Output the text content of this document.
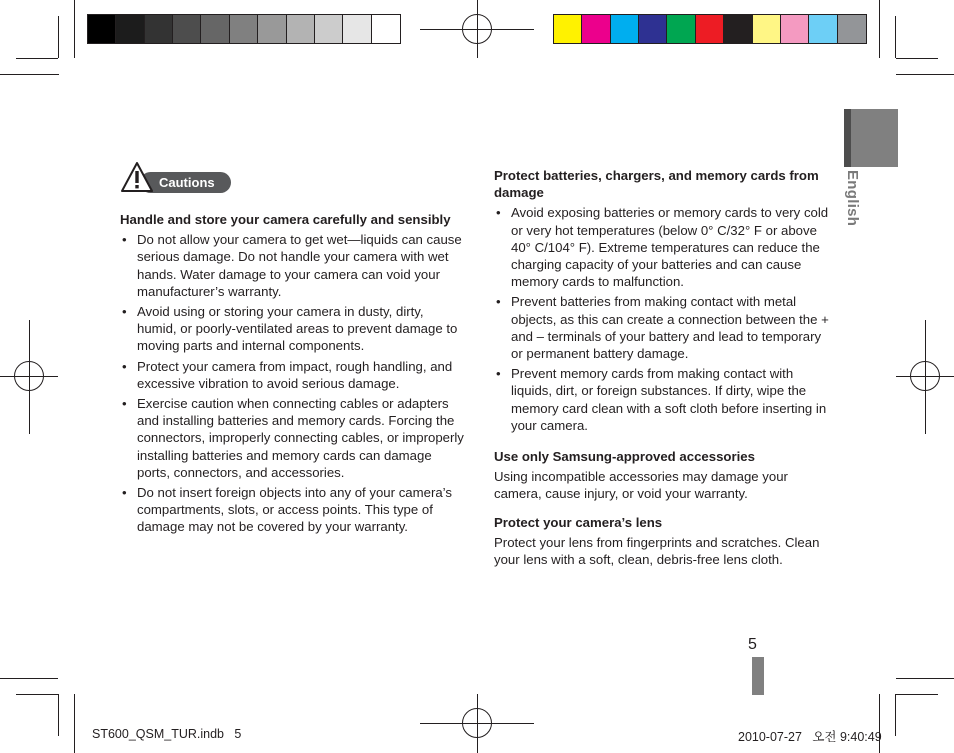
English
Cautions

Handle and store your camera carefully and sensibly

• Do not allow your camera to get wet—liquids can cause serious damage. Do not handle your camera with wet hands. Water damage to your camera can void your manufacturer’s warranty.
• Avoid using or storing your camera in dusty, dirty, humid, or poorly-ventilated areas to prevent damage to moving parts and internal components.
• Protect your camera from impact, rough handling, and excessive vibration to avoid serious damage.
• Exercise caution when connecting cables or adapters and installing batteries and memory cards. Forcing the connectors, improperly connecting cables, or improperly installing batteries and memory cards can damage ports, connectors, and accessories.
• Do not insert foreign objects into any of your camera’s compartments, slots, or access points. This type of damage may not be covered by your warranty.

Protect batteries, chargers, and memory cards from damage

• Avoid exposing batteries or memory cards to very cold or very hot temperatures (below 0° C/32° F or above 40° C/104° F). Extreme temperatures can reduce the charging capacity of your batteries and can cause memory cards to malfunction.
• Prevent batteries from making contact with metal objects, as this can create a connection between the + and – terminals of your battery and lead to temporary or permanent battery damage.
• Prevent memory cards from making contact with liquids, dirt, or foreign substances. If dirty, wipe the memory card clean with a soft cloth before inserting in your camera.

Use only Samsung-approved accessories

Using incompatible accessories may damage your camera, cause injury, or void your warranty.

Protect your camera’s lens

Protect your lens from fingerprints and scratches. Clean your lens with a soft, clean, debris-free lens cloth.

5
ST600_QSM_TUR.indb   5	2010-07-27   오전 9:40:49
